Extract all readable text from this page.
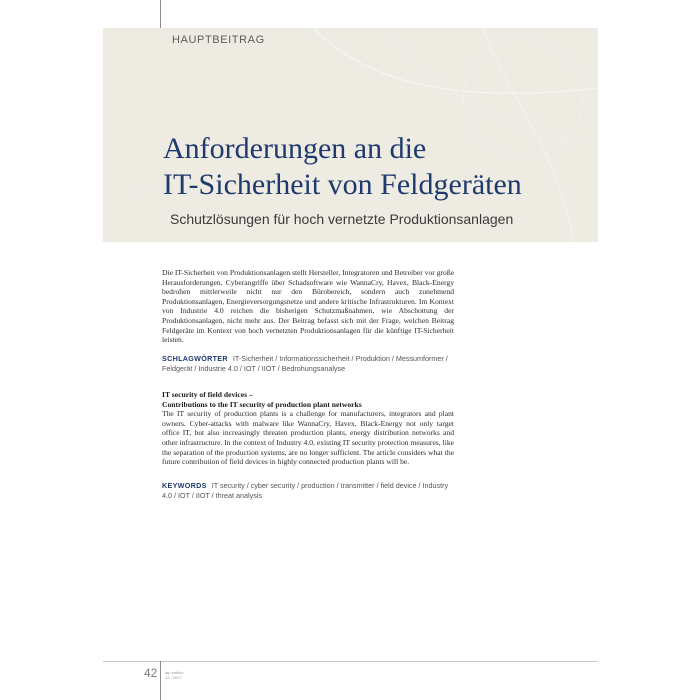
HAUPTBEITRAG
Anforderungen an die
IT-Sicherheit von Feldgeräten
Schutzlösungen für hoch vernetzte Produktionsanlagen

Die IT-Sicherheit von Produktionsanlagen stellt Hersteller, Integratoren und Betreiber vor große Herausforderungen. Cyberangriffe über Schadsoftware wie WannaCry, Havex, Black-Energy bedrohen mittlerweile nicht nur den Bürobereich, sondern auch zunehmend Produktionsanlagen, Energieversorgungsnetze und andere kritische Infrastrukturen. Im Kontext von Industrie 4.0 reichen die bisherigen Schutzmaßnahmen, wie Abschottung der Produktionsanlagen, nicht mehr aus. Der Beitrag befasst sich mit der Frage, welchen Beitrag Feldgeräte im Kontext von hoch vernetzten Produktionsanlagen für die künftige IT-Sicherheit leisten.

SCHLAGWÖRTER IT-Sicherheit / Informationssicherheit / Produktion / Messumformer / Feldgerät / Industrie 4.0 / IOT / IIOT / Bedrohungsanalyse

IT security of field devices –

Contributions to the IT security of production plant networks

The IT security of production plants is a challenge for manufacturers, integrators and plant owners. Cyber-attacks with malware like WannaCry, Havex, Black-Energy not only target office IT, but also increasingly threaten production plants, energy distribution networks and other infrastructure. In the context of Industry 4.0, existing IT security protection measures, like the separation of the production systems, are no longer sufficient. The article considers what the future contribution of field devices in highly connected production plants will be.

KEYWORDS IT security / cyber security / production / transmitter / field device / Industry 4.0 / IOT / IIOT / threat analysis

42 atp edition
12 / 2017
